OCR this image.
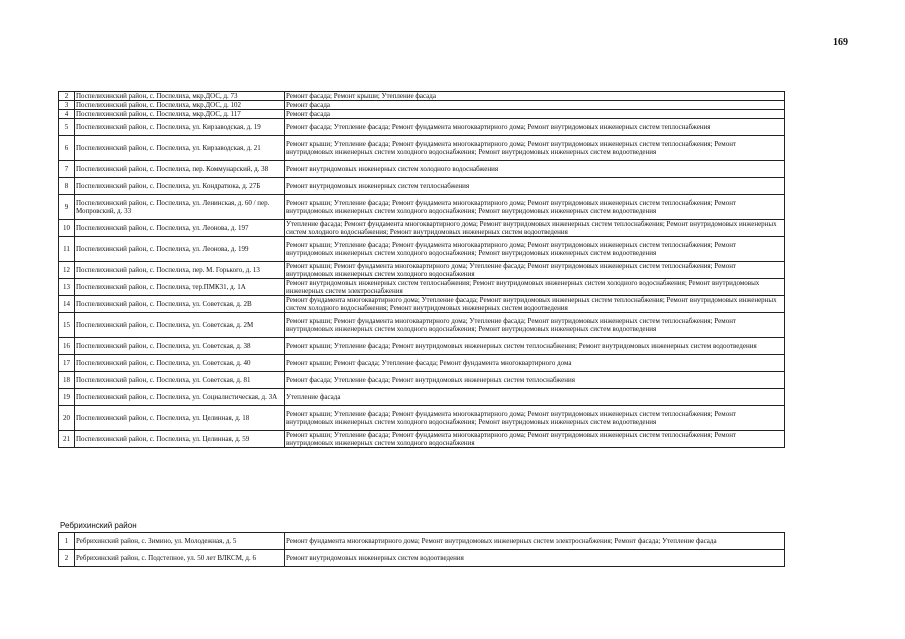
169
2	Поспелихинский район, с. Поспелиха, мкр.ДОС, д. 73	Ремонт фасада; Ремонт крыши; Утепление фасада
3	Поспелихинский район, с. Поспелиха, мкр.ДОС, д. 102	Ремонт фасада
4	Поспелихинский район, с. Поспелиха, мкр.ДОС, д. 117	Ремонт фасада
5	Поспелихинский район, с. Поспелиха, ул. Кирзаводская, д. 19	Ремонт фасада; Утепление фасада; Ремонт фундамента многоквартирного дома; Ремонт внутридомовых инженерных систем теплоснабжения
6	Поспелихинский район, с. Поспелиха, ул. Кирзаводская, д. 21	Ремонт крыши; Утепление фасада; Ремонт фундамента многоквартирного дома; Ремонт внутридомовых инженерных систем теплоснабжения; Ремонт внутридомовых инженерных систем холодного водоснабжения; Ремонт внутридомовых инженерных систем водоотведения
7	Поспелихинский район, с. Поспелиха, пер. Коммунарский, д. 38	Ремонт внутридомовых инженерных систем холодного водоснабжения
8	Поспелихинский район, с. Поспелиха, ул. Кондратюка, д. 27Б	Ремонт внутридомовых инженерных систем теплоснабжения
9	Поспелихинский район, с. Поспелиха, ул. Ленинская, д. 60 / пер. Мопровский, д. 33	Ремонт крыши; Утепление фасада; Ремонт фундамента многоквартирного дома; Ремонт внутридомовых инженерных систем теплоснабжения; Ремонт внутридомовых инженерных систем холодного водоснабжения; Ремонт внутридомовых инженерных систем водоотведения
10	Поспелихинский район, с. Поспелиха, ул. Леонова, д. 197	Утепление фасада; Ремонт фундамента многоквартирного дома; Ремонт внутридомовых инженерных систем теплоснабжения; Ремонт внутридомовых инженерных систем холодного водоснабжения; Ремонт внутридомовых инженерных систем водоотведения
11	Поспелихинский район, с. Поспелиха, ул. Леонова, д. 199	Ремонт крыши; Утепление фасада; Ремонт фундамента многоквартирного дома; Ремонт внутридомовых инженерных систем теплоснабжения; Ремонт внутридомовых инженерных систем холодного водоснабжения; Ремонт внутридомовых инженерных систем водоотведения
12	Поспелихинский район, с. Поспелиха, пер. М. Горького, д. 13	Ремонт крыши; Ремонт фундамента многоквартирного дома; Утепление фасада; Ремонт внутридомовых инженерных систем теплоснабжения; Ремонт внутридомовых инженерных систем холодного водоснабжения
13	Поспелихинский район, с. Поспелиха, тер.ПМК31, д. 1А	Ремонт внутридомовых инженерных систем теплоснабжения; Ремонт внутридомовых инженерных систем холодного водоснабжения; Ремонт внутридомовых инженерных систем электроснабжения
14	Поспелихинский район, с. Поспелиха, ул. Советская, д. 2В	Ремонт фундамента многоквартирного дома; Утепление фасада; Ремонт внутридомовых инженерных систем теплоснабжения; Ремонт внутридомовых инженерных систем холодного водоснабжения; Ремонт внутридомовых инженерных систем водоотведения
15	Поспелихинский район, с. Поспелиха, ул. Советская, д. 2М	Ремонт крыши; Ремонт фундамента многоквартирного дома; Утепление фасада; Ремонт внутридомовых инженерных систем теплоснабжения; Ремонт внутридомовых инженерных систем холодного водоснабжения; Ремонт внутридомовых инженерных систем водоотведения
16	Поспелихинский район, с. Поспелиха, ул. Советская, д. 38	Ремонт крыши; Утепление фасада; Ремонт внутридомовых инженерных систем теплоснабжения; Ремонт внутридомовых инженерных систем водоотведения
17	Поспелихинский район, с. Поспелиха, ул. Советская, д. 40	Ремонт крыши; Ремонт фасада; Утепление фасада; Ремонт фундамента многоквартирного дома
18	Поспелихинский район, с. Поспелиха, ул. Советская, д. 81	Ремонт фасада; Утепление фасада; Ремонт внутридомовых инженерных систем теплоснабжения
19	Поспелихинский район, с. Поспелиха, ул. Социалистическая, д. 3А	Утепление фасада
20	Поспелихинский район, с. Поспелиха, ул. Целинная, д. 18	Ремонт крыши; Утепление фасада; Ремонт фундамента многоквартирного дома; Ремонт внутридомовых инженерных систем теплоснабжения; Ремонт внутридомовых инженерных систем холодного водоснабжения; Ремонт внутридомовых инженерных систем водоотведения
21	Поспелихинский район, с. Поспелиха, ул. Целинная, д. 59	Ремонт крыши; Утепление фасада; Ремонт фундамента многоквартирного дома; Ремонт внутридомовых инженерных систем теплоснабжения; Ремонт внутридомовых инженерных систем холодного водоснабжения
Ребрихинский район
1	Ребрихинский район, с. Зимино, ул. Молодежная, д. 5	Ремонт фундамента многоквартирного дома; Ремонт внутридомовых инженерных систем электроснабжения; Ремонт фасада; Утепление фасада
2	Ребрихинский район, с. Подстепное, ул. 50 лет ВЛКСМ, д. 6	Ремонт внутридомовых инженерных систем водоотведения
